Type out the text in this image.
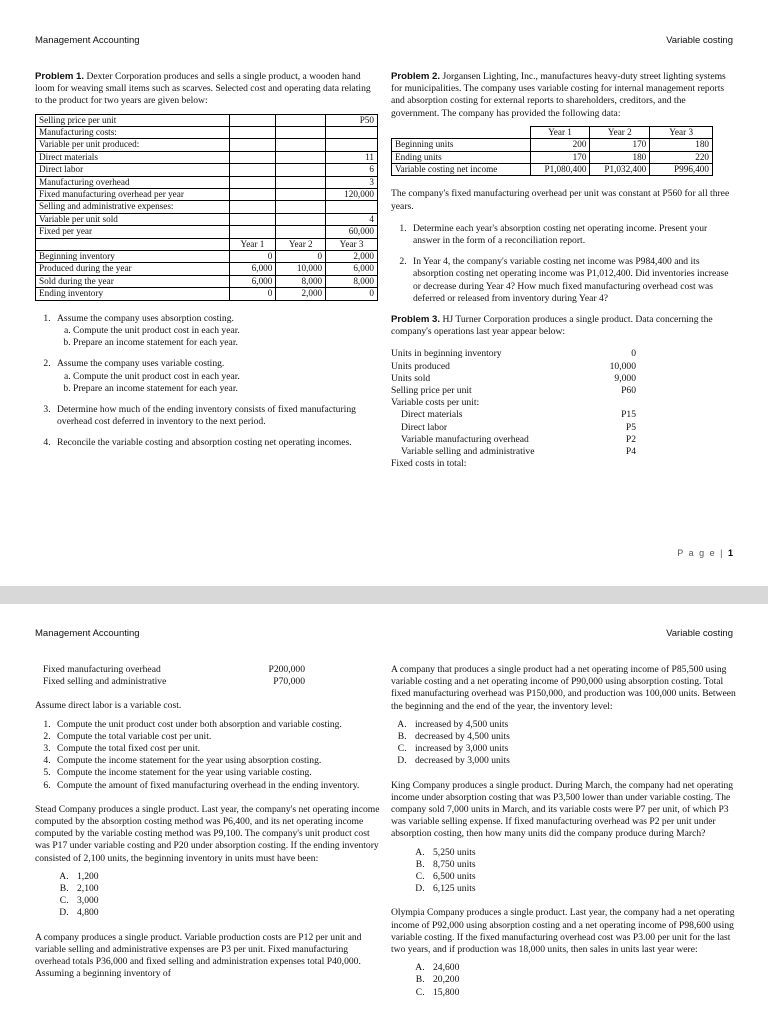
Management Accounting	Variable costing

Problem 1. Dexter Corporation produces and sells a single product, a wooden hand loom for weaving small items such as scarves. Selected cost and operating data relating to the product for two years are given below:

Selling price per unit			P50
Manufacturing costs:			
Variable per unit produced:			
Direct materials			11
Direct labor			6
Manufacturing overhead			3
Fixed manufacturing overhead per year			120,000
Selling and administrative expenses:			
Variable per unit sold			4
Fixed per year			60,000
	Year 1	Year 2	Year 3
Beginning inventory	0	0	2,000
Produced during the year	6,000	10,000	6,000
Sold during the year	6,000	8,000	8,000
Ending inventory	0	2,000	0
1. Assume the company uses absorption costing.
a. Compute the unit product cost in each year.
b. Prepare an income statement for each year.
2. Assume the company uses variable costing.
a. Compute the unit product cost in each year.
b. Prepare an income statement for each year.
3. Determine how much of the ending inventory consists of fixed manufacturing overhead cost deferred in inventory to the next period.
4. Reconcile the variable costing and absorption costing net operating incomes.

Problem 2. Jorgansen Lighting, Inc., manufactures heavy-duty street lighting systems for municipalities. The company uses variable costing for internal management reports and absorption costing for external reports to shareholders, creditors, and the government. The company has provided the following data:

	Year 1	Year 2	Year 3
Beginning units	200	170	180
Ending units	170	180	220
Variable costing net income	P1,080,400	P1,032,400	P996,400

The company's fixed manufacturing overhead per unit was constant at P560 for all three years.

1. Determine each year's absorption costing net operating income. Present your answer in the form of a reconciliation report.
2. In Year 4, the company's variable costing net income was P984,400 and its absorption costing net operating income was P1,012,400. Did inventories increase or decrease during Year 4? How much fixed manufacturing overhead cost was deferred or released from inventory during Year 4?

Problem 3. HJ Turner Corporation produces a single product. Data concerning the company's operations last year appear below:

Units in beginning inventory	0
Units produced	10,000
Units sold	9,000
Selling price per unit	P60
Variable costs per unit:
Direct materials	P15
Direct labor	P5
Variable manufacturing overhead	P2
Variable selling and administrative	P4
Fixed costs in total:
P a g e | 1
Management Accounting	Variable costing
Fixed manufacturing overhead	P200,000
Fixed selling and administrative	P70,000

Assume direct labor is a variable cost.

1. Compute the unit product cost under both absorption and variable costing.
2. Compute the total variable cost per unit.
3. Compute the total fixed cost per unit.
4. Compute the income statement for the year using absorption costing.
5. Compute the income statement for the year using variable costing.
6. Compute the amount of fixed manufacturing overhead in the ending inventory.

Stead Company produces a single product. Last year, the company's net operating income computed by the absorption costing method was P6,400, and its net operating income computed by the variable costing method was P9,100. The company's unit product cost was P17 under variable costing and P20 under absorption costing. If the ending inventory consisted of 2,100 units, the beginning inventory in units must have been:

A. 1,200
B. 2,100
C. 3,000
D. 4,800

A company produces a single product. Variable production costs are P12 per unit and variable selling and administrative expenses are P3 per unit. Fixed manufacturing overhead totals P36,000 and fixed selling and administration expenses total P40,000. Assuming a beginning inventory of

A company that produces a single product had a net operating income of P85,500 using variable costing and a net operating income of P90,000 using absorption costing. Total fixed manufacturing overhead was P150,000, and production was 100,000 units. Between the beginning and the end of the year, the inventory level:

A. increased by 4,500 units
B. decreased by 4,500 units
C. increased by 3,000 units
D. decreased by 3,000 units

King Company produces a single product. During March, the company had net operating income under absorption costing that was P3,500 lower than under variable costing. The company sold 7,000 units in March, and its variable costs were P7 per unit, of which P3 was variable selling expense. If fixed manufacturing overhead was P2 per unit under absorption costing, then how many units did the company produce during March?

A. 5,250 units
B. 8,750 units
C. 6,500 units
D. 6,125 units

Olympia Company produces a single product. Last year, the company had a net operating income of P92,000 using absorption costing and a net operating income of P98,600 using variable costing. If the fixed manufacturing overhead cost was P3.00 per unit for the last two years, and if production was 18,000 units, then sales in units last year were:

A. 24,600
B. 20,200
C. 15,800
